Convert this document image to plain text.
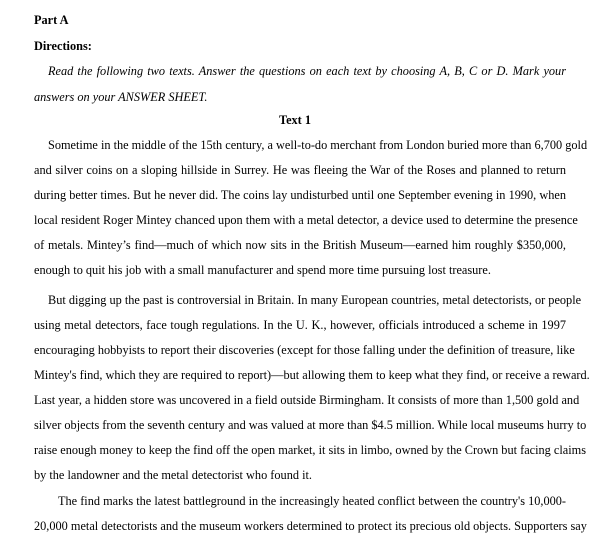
Part A
Directions:
Read the following two texts. Answer the questions on each text by choosing A, B, C or D. Mark your
answers on your ANSWER SHEET.
Text 1
Sometime in the middle of the 15th century, a well-to-do merchant from London buried more than 6,700 gold
and silver coins on a sloping hillside in Surrey. He was fleeing the War of the Roses and planned to return
during better times. But he never did. The coins lay undisturbed until one September evening in 1990, when
local resident Roger Mintey chanced upon them with a metal detector, a device used to determine the presence
of metals. Mintey’s find—much of which now sits in the British Museum—earned him roughly $350,000,
enough to quit his job with a small manufacturer and spend more time pursuing lost treasure.
But digging up the past is controversial in Britain. In many European countries, metal detectorists, or people
using metal detectors, face tough regulations. In the U. K., however, officials introduced a scheme in 1997
encouraging hobbyists to report their discoveries (except for those falling under the definition of treasure, like
Mintey's find, which they are required to report)—but allowing them to keep what they find, or receive a reward.
Last year, a hidden store was uncovered in a field outside Birmingham. It consists of more than 1,500 gold and
silver objects from the seventh century and was valued at more than $4.5 million. While local museums hurry to
raise enough money to keep the find off the open market, it sits in limbo, owned by the Crown but facing claims
by the landowner and the metal detectorist who found it.
The find marks the latest battleground in the increasingly heated conflict between the country's 10,000-
20,000 metal detectorists and the museum workers determined to protect its precious old objects. Supporters say
